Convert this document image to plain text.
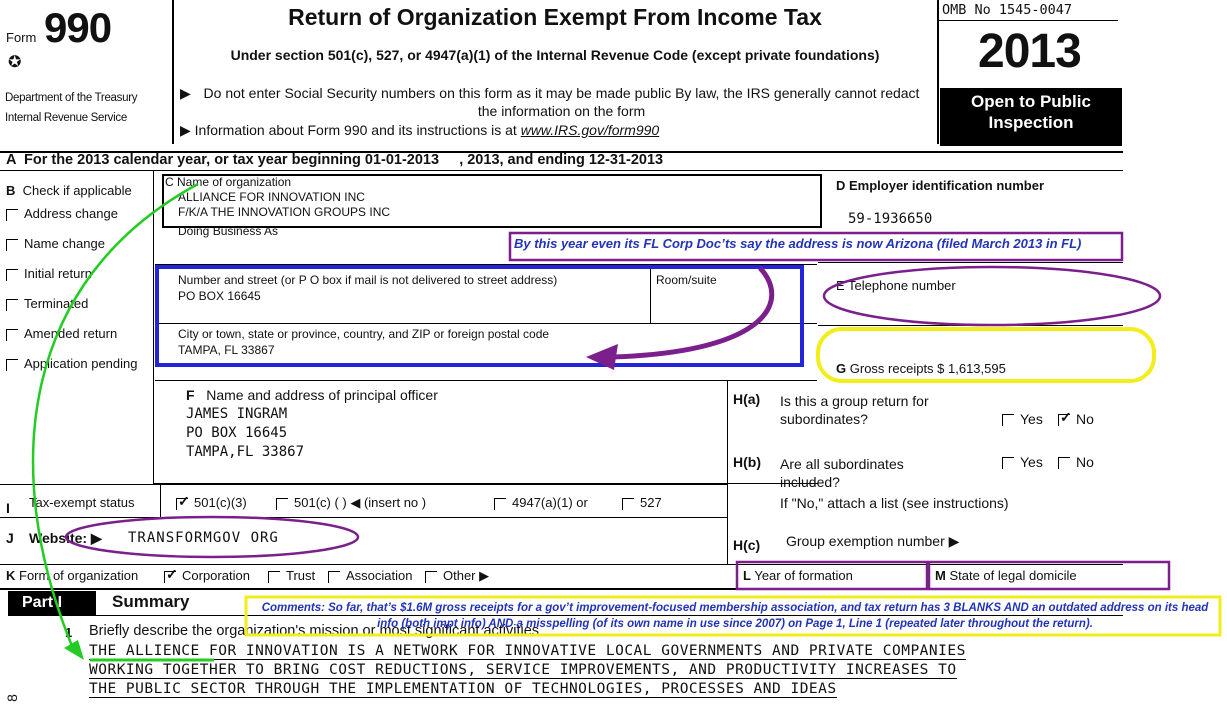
Form 990
✪
Department of the Treasury
Internal Revenue Service
Return of Organization Exempt From Income Tax
Under section 501(c), 527, or 4947(a)(1) of the Internal Revenue Code (except private foundations)
▶ Do not enter Social Security numbers on this form as it may be made public By law, the IRS generally cannot redact the information on the form
▶ Information about Form 990 and its instructions is at www.IRS.gov/form990
OMB No 1545-0047
2013
Open to Public
Inspection
A  For the 2013 calendar year, or tax year beginning 01-01-2013     , 2013, and ending 12-31-2013
B Check if applicable
Address change
Name change
Initial return
Terminated
Amended return
Application pending
C Name of organization
ALLIANCE FOR INNOVATION INC
F/K/A THE INNOVATION GROUPS INC
Doing Business As
Number and street (or P O box if mail is not delivered to street address)	Room/suite
PO BOX 16645
City or town, state or province, country, and ZIP or foreign postal code
TAMPA, FL 33867
D Employer identification number
59-1936650
E Telephone number
G Gross receipts $ 1,613,595
F Name and address of principal officer
JAMES INGRAM
PO BOX 16645
TAMPA,FL 33867
H(a) Is this a group return for
subordinates?	Yes ✓	No
H(b) Are all subordinates
included?
Yes	No
If "No," attach a list (see instructions)
H(c) Group exemption number ▶
I Tax-exempt status ✓	501(c)(3)	501(c) ( ) ◀ (insert no )	4947(a)(1) or	527
J Website: ▶ TRANSFORMGOV ORG
K Form of organization ✓	Corporation	Trust	Association	Other ▶	L Year of formation	M State of legal domicile
Part I	Summary
1 Briefly describe the organization's mission or most significant activities
THE ALLIENCE FOR INNOVATION IS A NETWORK FOR INNOVATIVE LOCAL GOVERNMENTS AND PRIVATE COMPANIES
WORKING TOGETHER TO BRING COST REDUCTIONS, SERVICE IMPROVEMENTS, AND PRODUCTIVITY INCREASES TO
THE PUBLIC SECTOR THROUGH THE IMPLEMENTATION OF TECHNOLOGIES, PROCESSES AND IDEAS
8
By this year even its FL Corp Doc’ts say the address is now Arizona (filed March 2013 in FL)
Comments: So far, that’s $1.6M gross receipts for a gov’t improvement-focused membership association, and tax return has 3 BLANKS AND an outdated address on its head info (both impt info) AND a misspelling (of its own name in use since 2007) on Page 1, Line 1 (repeated later throughout the return).
